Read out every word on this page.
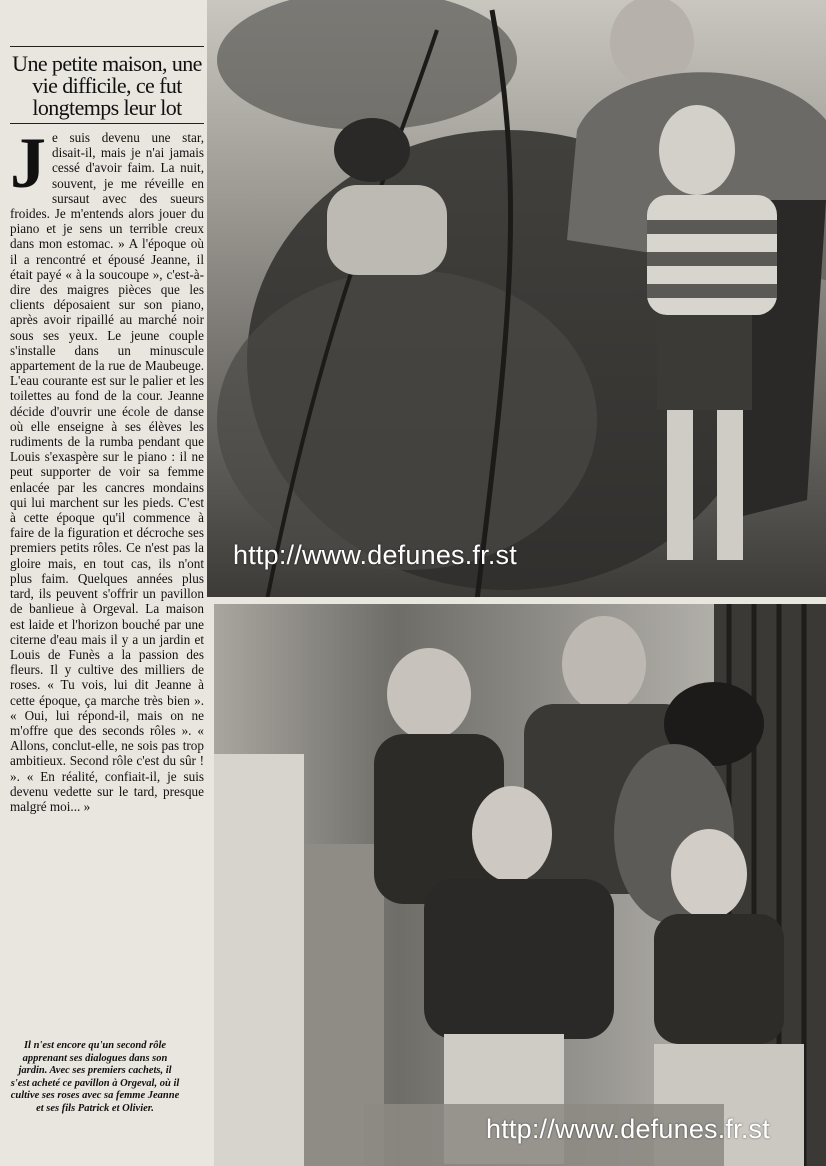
Une petite maison, une vie difficile, ce fut longtemps leur lot
Je suis devenu une star, disait-il, mais je n'ai jamais cessé d'avoir faim. La nuit, souvent, je me réveille en sursaut avec des sueurs froides. Je m'entends alors jouer du piano et je sens un terrible creux dans mon estomac. » A l'époque où il a rencontré et épousé Jeanne, il était payé « à la soucoupe », c'est-à-dire des maigres pièces que les clients déposaient sur son piano, après avoir ripaillé au marché noir sous ses yeux. Le jeune couple s'installe dans un minuscule appartement de la rue de Maubeuge. L'eau courante est sur le palier et les toilettes au fond de la cour. Jeanne décide d'ouvrir une école de danse où elle enseigne à ses élèves les rudiments de la rumba pendant que Louis s'exaspère sur le piano : il ne peut supporter de voir sa femme enlacée par les cancres mondains qui lui marchent sur les pieds. C'est à cette époque qu'il commence à faire de la figuration et décroche ses premiers petits rôles. Ce n'est pas la gloire mais, en tout cas, ils n'ont plus faim. Quelques années plus tard, ils peuvent s'offrir un pavillon de banlieue à Orgeval. La maison est laide et l'horizon bouché par une citerne d'eau mais il y a un jardin et Louis de Funès a la passion des fleurs. Il y cultive des milliers de roses. « Tu vois, lui dit Jeanne à cette époque, ça marche très bien ». « Oui, lui répond-il, mais on ne m'offre que des seconds rôles ». « Allons, conclut-elle, ne sois pas trop ambitieux. Second rôle c'est du sûr ! ». « En réalité, confiait-il, je suis devenu vedette sur le tard, presque malgré moi... »
Il n'est encore qu'un second rôle apprenant ses dialogues dans son jardin. Avec ses premiers cachets, il s'est acheté ce pavillon à Orgeval, où il cultive ses roses avec sa femme Jeanne et ses fils Patrick et Olivier.
http://www.defunes.fr.st
http://www.defunes.fr.st
